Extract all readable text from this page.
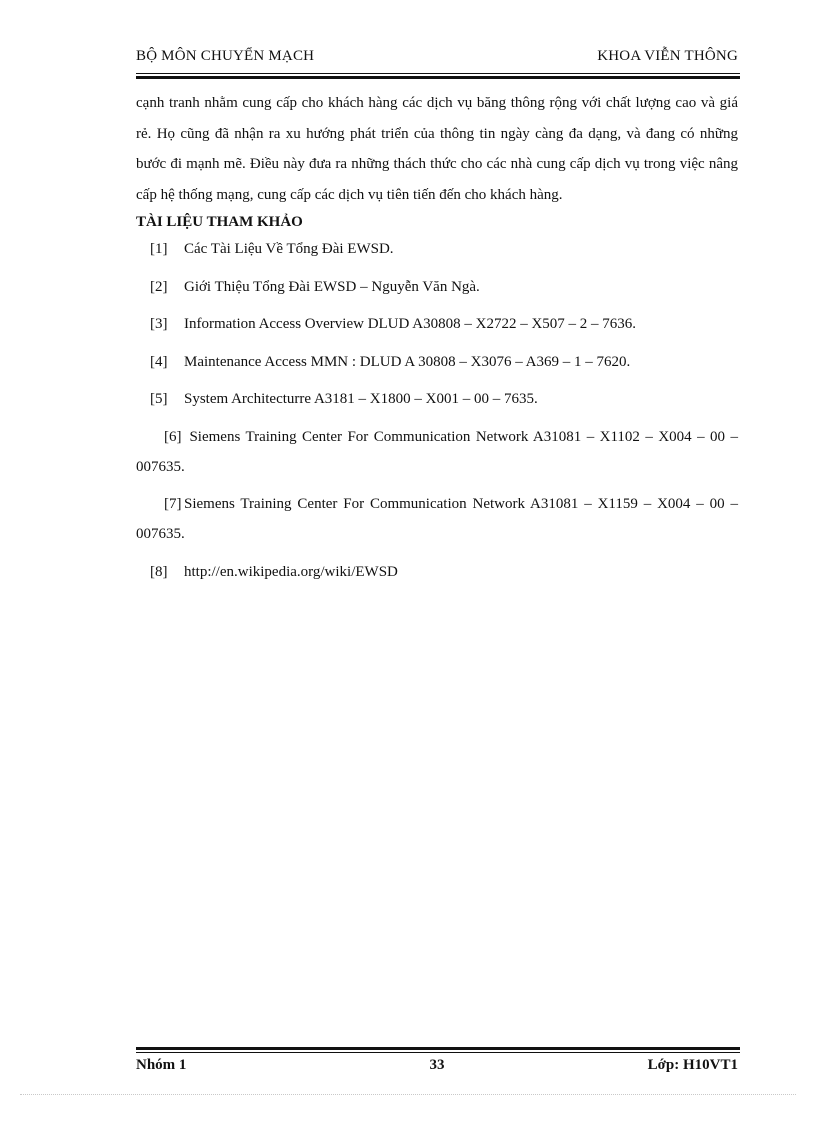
BỘ MÔN CHUYỂN MẠCH	KHOA VIỄN THÔNG

cạnh tranh nhằm cung cấp cho khách hàng các dịch vụ băng thông rộng với chất lượng cao và giá rẻ. Họ cũng đã nhận ra xu hướng phát triển của thông tin ngày càng đa dạng, và đang có những bước đi mạnh mẽ. Điều này đưa ra những thách thức cho các nhà cung cấp dịch vụ trong việc nâng cấp hệ thống mạng, cung cấp các dịch vụ tiên tiến đến cho khách hàng.

TÀI LIỆU THAM KHẢO

[1] Các Tài Liệu Về Tổng Đài EWSD.

[2] Giới Thiệu Tổng Đài EWSD – Nguyễn Văn Ngà.

[3] Information Access Overview DLUD A30808 – X2722 – X507 – 2 – 7636.

[4] Maintenance Access MMN : DLUD A 30808 – X3076 – A369 – 1 – 7620.

[5] System Architecturre A3181 – X1800 – X001 – 00 – 7635.

[6] Siemens Training Center For Communication Network A31081 – X1102 – X004 – 00 – 007635.

[7] Siemens Training Center For Communication Network A31081 – X1159 – X004 – 00 – 007635.

[8] http://en.wikipedia.org/wiki/EWSD

Nhóm 1	33	Lớp: H10VT1
